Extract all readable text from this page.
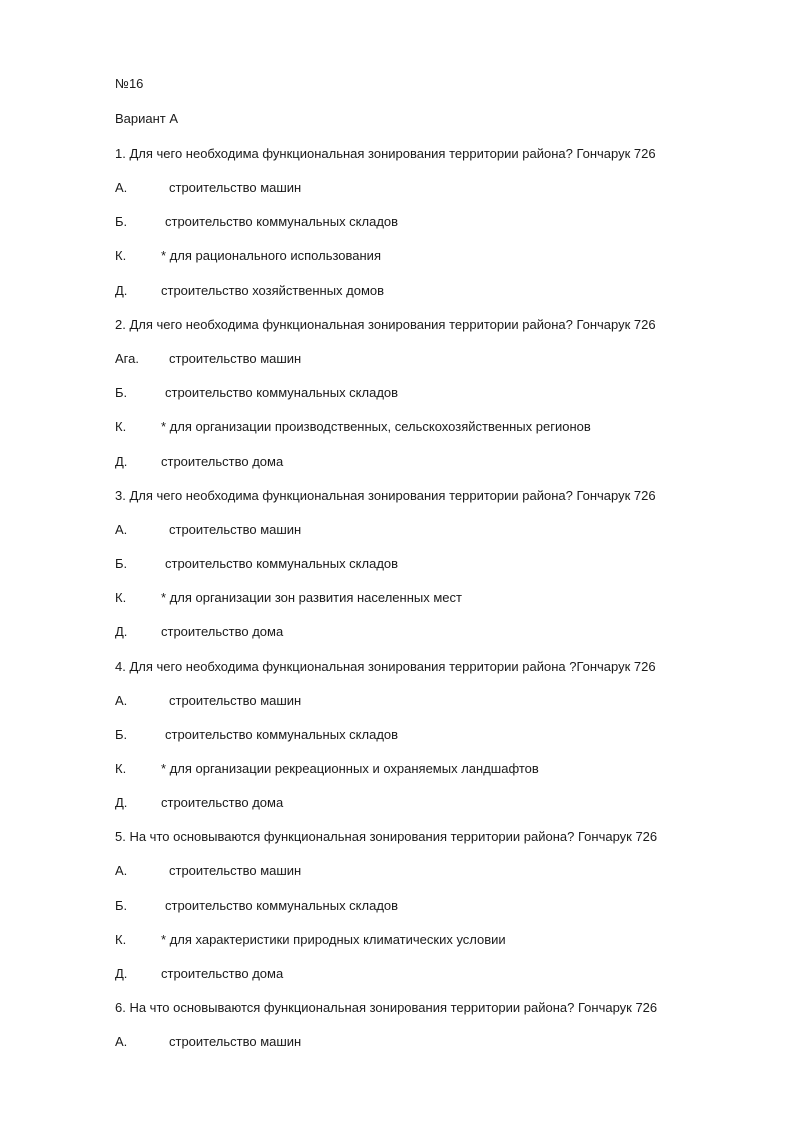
№16
Вариант А
1. Для чего необходима функциональная зонирования территории района? Гончарук 726
А.	строительство машин
Б.	строительство коммунальных складов
К.	* для рационального использования
Д.	строительство хозяйственных домов
2. Для чего необходима функциональная зонирования территории района? Гончарук 726
Ага. строительство машин
Б.	строительство коммунальных складов
К.	* для организации производственных, сельскохозяйственных регионов
Д.	строительство дома
3. Для чего необходима функциональная зонирования территории района? Гончарук 726
А.	строительство машин
Б.	строительство коммунальных складов
К.	* для организации зон развития населенных мест
Д.	строительство дома
4. Для чего необходима функциональная зонирования территории района ?Гончарук 726
А.	строительство машин
Б.	строительство коммунальных складов
К.	* для организации рекреационных и охраняемых ландшафтов
Д.	строительство дома
5. На что основываются функциональная зонирования территории района? Гончарук 726
А.	строительство машин
Б.	строительство коммунальных складов
К.	* для характеристики природных климатических условии
Д.	строительство дома
6. На что основываются функциональная зонирования территории района? Гончарук 726
А.	строительство машин
